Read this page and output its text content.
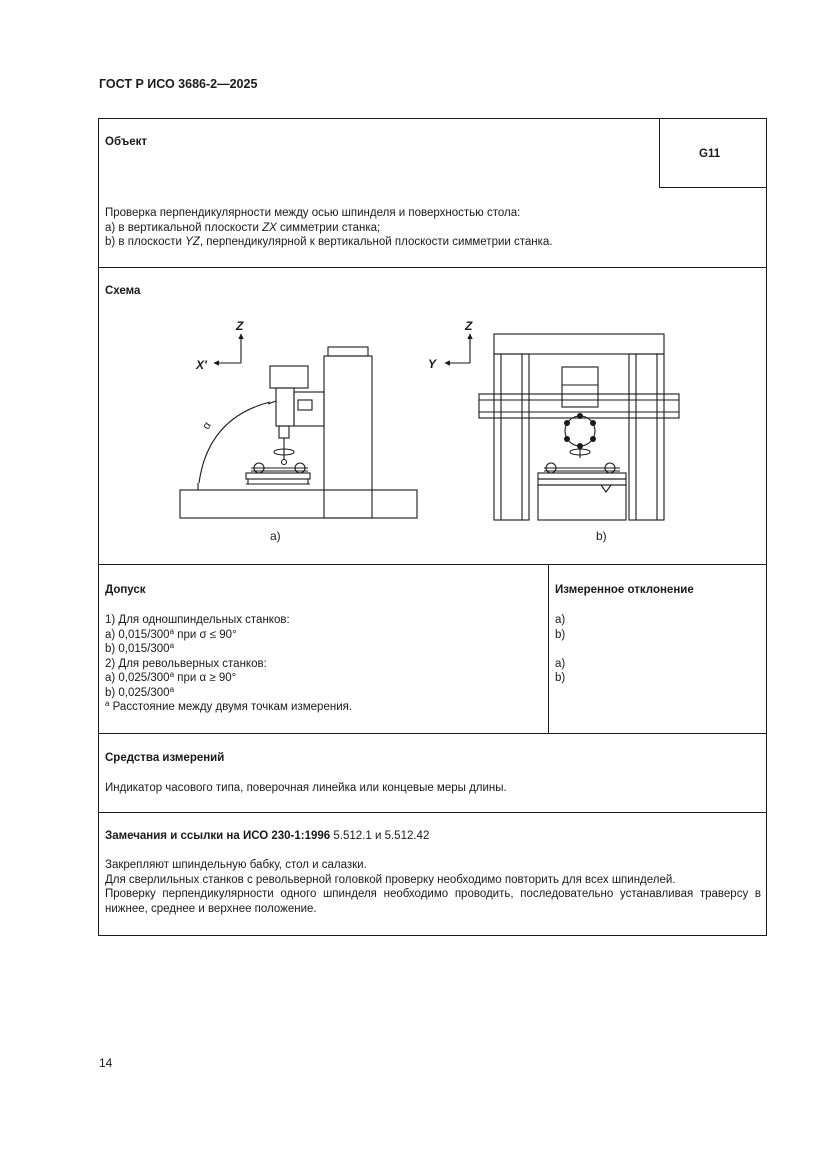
ГОСТ Р ИСО 3686-2—2025
Объект
G11
Проверка перпендикулярности между осью шпинделя и поверхностью стола:
a) в вертикальной плоскости ZX симметрии станка;
b) в плоскости YZ, перпендикулярной к вертикальной плоскости симметрии станка.
Схема
Z
X'
Z
Y
α
a)	b)
Допуск
1) Для одношпиндельных станков:
a) 0,015/300$^a$ при σ ≤ 90°
b) 0,015/300$^a$
2) Для револьверных станков:
a) 0,025/300$^a$ при α ≥ 90°
b) 0,025/300$^a$
$^a$ Расстояние между двумя точкам измерения.
Измеренное отклонение
a)
b)
a)
b)
Средства измерений
Индикатор часового типа, поверочная линейка или концевые меры длины.
Замечания и ссылки на ИСО 230-1:1996 5.512.1 и 5.512.42
Закрепляют шпиндельную бабку, стол и салазки.
Для сверлильных станков с револьверной головкой проверку необходимо повторить для всех шпинделей.
Проверку перпендикулярности одного шпинделя необходимо проводить, последовательно устанавливая траверсу в нижнее, среднее и верхнее положение.
14
